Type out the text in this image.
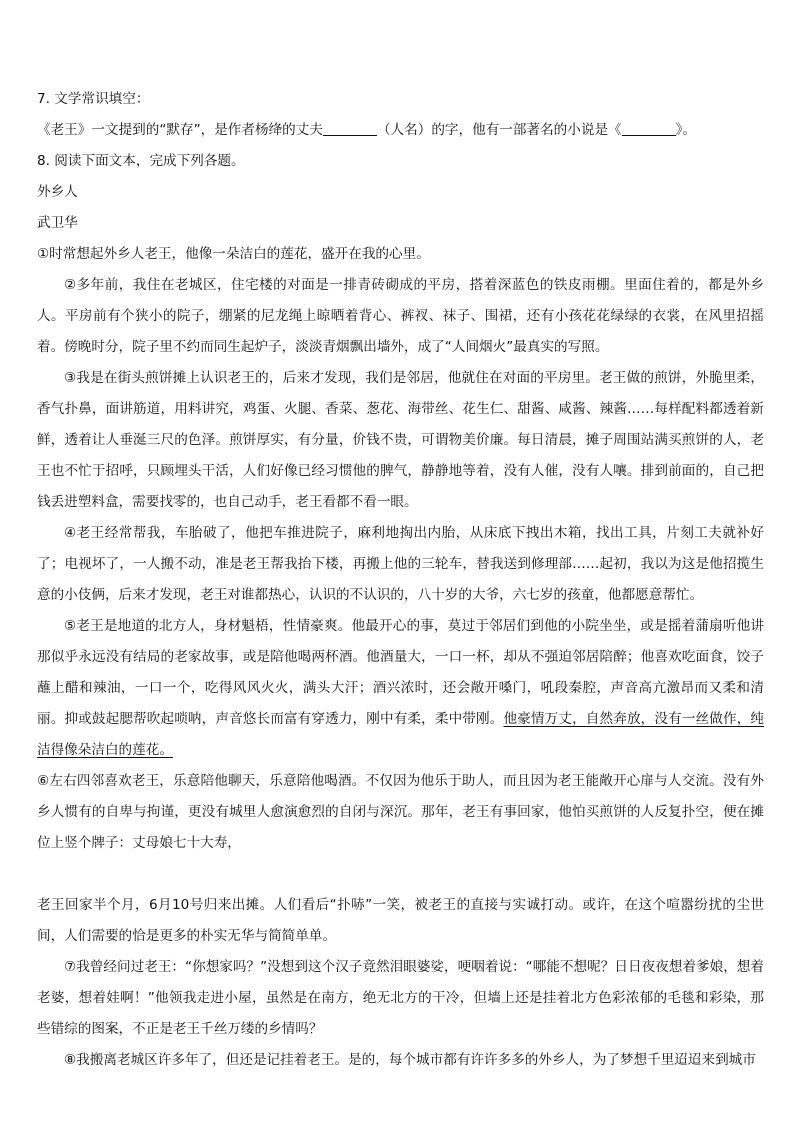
7. 文学常识填空：

《老王》一文提到的“默存”，是作者杨绛的丈夫	（人名）的字，他有一部著名的小说是《	》。

8. 阅读下面文本，完成下列各题。

外乡人

武卫华

①时常想起外乡人老王，他像一朵洁白的莲花，盛开在我的心里。

②多年前，我住在老城区，住宅楼的对面是一排青砖砌成的平房，搭着深蓝色的铁皮雨棚。里面住着的，都是外乡人。平房前有个狭小的院子，绷紧的尼龙绳上晾晒着背心、裤衩、袜子、围裙，还有小孩花花绿绿的衣裳，在风里招摇着。傍晚时分，院子里不约而同生起炉子，淡淡青烟飘出墙外，成了“人间烟火”最真实的写照。

③我是在街头煎饼摊上认识老王的，后来才发现，我们是邻居，他就住在对面的平房里。老王做的煎饼，外脆里柔，香气扑鼻，面讲筋道，用料讲究，鸡蛋、火腿、香菜、葱花、海带丝、花生仁、甜酱、咸酱、辣酱……每样配料都透着新鲜，透着让人垂涎三尺的色泽。煎饼厚实，有分量，价钱不贵，可谓物美价廉。每日清晨，摊子周围站满买煎饼的人，老王也不忙于招呼，只顾埋头干活，人们好像已经习惯他的脾气，静静地等着，没有人催，没有人嚷。排到前面的，自己把钱丢进塑料盒，需要找零的，也自己动手，老王看都不看一眼。

④老王经常帮我，车胎破了，他把车推进院子，麻利地掏出内胎，从床底下拽出木箱，找出工具，片刻工夫就补好了；电视坏了，一人搬不动，准是老王帮我抬下楼，再搬上他的三轮车，替我送到修理部……起初，我以为这是他招揽生意的小伎俩，后来才发现，老王对谁都热心，认识的不认识的，八十岁的大爷，六七岁的孩童，他都愿意帮忙。

⑤老王是地道的北方人，身材魁梧，性情豪爽。他最开心的事，莫过于邻居们到他的小院坐坐，或是摇着蒲扇听他讲那似乎永远没有结局的老家故事，或是陪他喝两杯酒。他酒量大，一口一杯，却从不强迫邻居陪醉；他喜欢吃面食，饺子蘸上醋和辣油，一口一个，吃得风风火火，满头大汗；酒兴浓时，还会敞开嗓门，吼段秦腔，声音高亢激昂而又柔和清丽。抑或鼓起腮帮吹起唢呐，声音悠长而富有穿透力，刚中有柔，柔中带刚。他豪情万丈，自然奔放，没有一丝做作，纯洁得像朵洁白的莲花。

⑥左右四邻喜欢老王，乐意陪他聊天，乐意陪他喝酒。不仅因为他乐于助人，而且因为老王能敞开心扉与人交流。没有外乡人惯有的自卑与拘谨，更没有城里人愈演愈烈的自闭与深沉。那年，老王有事回家，他怕买煎饼的人反复扑空，便在摊位上竖个牌子：丈母娘七十大寿，

老王回家半个月，6月10号归来出摊。人们看后“扑哧”一笑，被老王的直接与实诚打动。或许，在这个喧嚣纷扰的尘世间，人们需要的恰是更多的朴实无华与简简单单。

⑦我曾经问过老王：“你想家吗？”没想到这个汉子竟然泪眼婆娑，哽咽着说：“哪能不想呢？日日夜夜想着爹娘，想着老婆，想着娃啊！”他领我走进小屋，虽然是在南方，绝无北方的干冷，但墙上还是挂着北方色彩浓郁的毛毯和彩染，那些错综的图案，不正是老王千丝万缕的乡情吗？

⑧我搬离老城区许多年了，但还是记挂着老王。是的，每个城市都有许许多多的外乡人，为了梦想千里迢迢来到城市
